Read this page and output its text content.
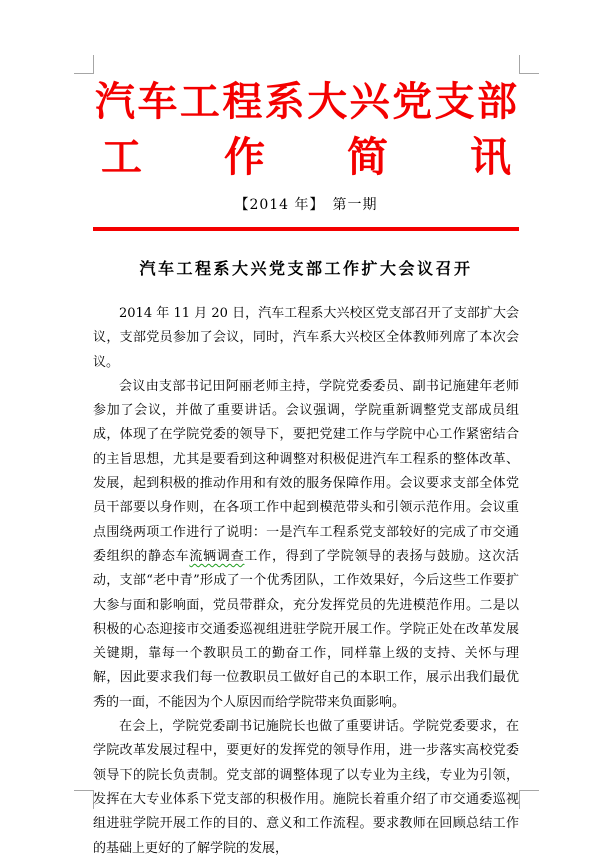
汽 车 工 程 系 大 兴 党 支 部
工 作 简 讯
【2014 年】　第一期
汽车工程系大兴党支部工作扩大会议召开

2014 年 11 月 20 日，汽车工程系大兴校区党支部召开了支部扩大会议，支部党员参加了会议，同时，汽车系大兴校区全体教师列席了本次会议。

会议由支部书记田阿丽老师主持，学院党委委员、副书记施建年老师参加了会议，并做了重要讲话。会议强调，学院重新调整党支部成员组成，体现了在学院党委的领导下，要把党建工作与学院中心工作紧密结合的主旨思想，尤其是要看到这种调整对积极促进汽车工程系的整体改革、发展，起到积极的推动作用和有效的服务保障作用。会议要求支部全体党员干部要以身作则，在各项工作中起到模范带头和引领示范作用。会议重点围绕两项工作进行了说明：一是汽车工程系党支部较好的完成了市交通委组织的静态车流辆调查工作，得到了学院领导的表扬与鼓励。这次活动，支部“老中青”形成了一个优秀团队，工作效果好，今后这些工作要扩大参与面和影响面，党员带群众，充分发挥党员的先进模范作用。二是以积极的心态迎接市交通委巡视组进驻学院开展工作。学院正处在改革发展关键期，靠每一个教职员工的勤奋工作，同样靠上级的支持、关怀与理解，因此要求我们每一位教职员工做好自己的本职工作，展示出我们最优秀的一面，不能因为个人原因而给学院带来负面影响。

在会上，学院党委副书记施院长也做了重要讲话。学院党委要求，在学院改革发展过程中，要更好的发挥党的领导作用，进一步落实高校党委领导下的院长负责制。党支部的调整体现了以专业为主线，专业为引领，发挥在大专业体系下党支部的积极作用。施院长着重介绍了市交通委巡视组进驻学院开展工作的目的、意义和工作流程。要求教师在回顾总结工作的基础上更好的了解学院的发展，
